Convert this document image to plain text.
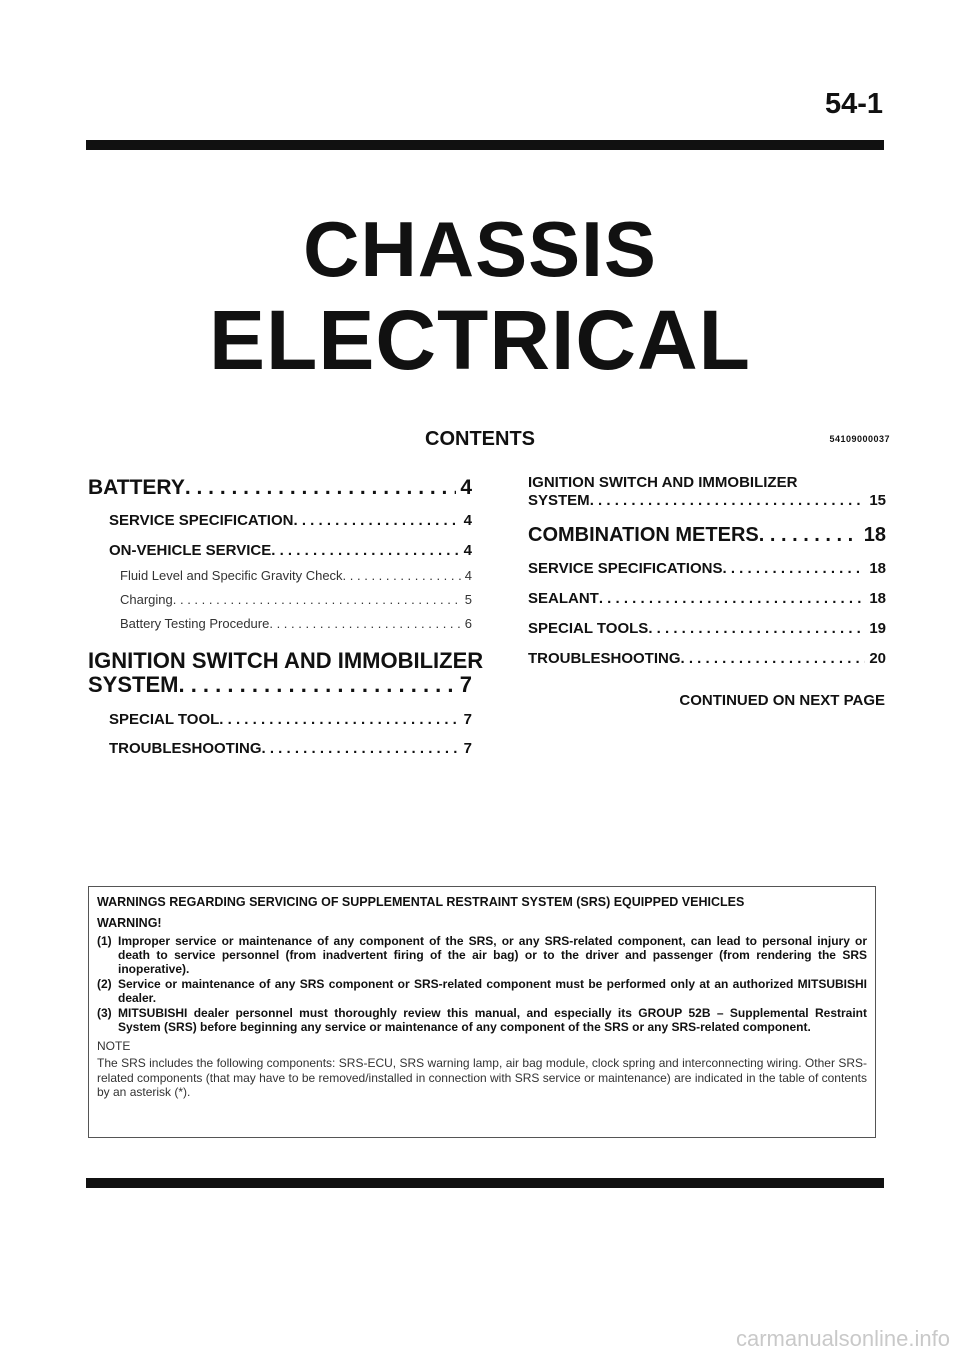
54-1
CHASSIS
ELECTRICAL
CONTENTS	54109000037
BATTERY . . .	4
SERVICE SPECIFICATION . . .	4
ON-VEHICLE SERVICE . . .	4
Fluid Level and Specific Gravity Check . . .	4
Charging . . .	5
Battery Testing Procedure . . .	6
IGNITION SWITCH AND IMMOBILIZER
SYSTEM . . .	7
SPECIAL TOOL . . .	7
TROUBLESHOOTING . . .	7
IGNITION SWITCH AND IMMOBILIZER
SYSTEM . . .	15
COMBINATION METERS . . .	18
SERVICE SPECIFICATIONS . . .	18
SEALANT . . .	18
SPECIAL TOOLS . . .	19
TROUBLESHOOTING . . .	20
CONTINUED ON NEXT PAGE
WARNINGS REGARDING SERVICING OF SUPPLEMENTAL RESTRAINT SYSTEM (SRS) EQUIPPED VEHICLES
WARNING!
(1) Improper service or maintenance of any component of the SRS, or any SRS-related component, can lead to personal injury or death to service personnel (from inadvertent firing of the air bag) or to the driver and passenger (from rendering the SRS inoperative).
(2) Service or maintenance of any SRS component or SRS-related component must be performed only at an authorized MITSUBISHI dealer.
(3) MITSUBISHI dealer personnel must thoroughly review this manual, and especially its GROUP 52B – Supplemental Restraint System (SRS) before beginning any service or maintenance of any component of the SRS or any SRS-related component.
NOTE
The SRS includes the following components: SRS-ECU, SRS warning lamp, air bag module, clock spring and interconnecting wiring. Other SRS-related components (that may have to be removed/installed in connection with SRS service or maintenance) are indicated in the table of contents by an asterisk (*).
carmanualsonline.info
